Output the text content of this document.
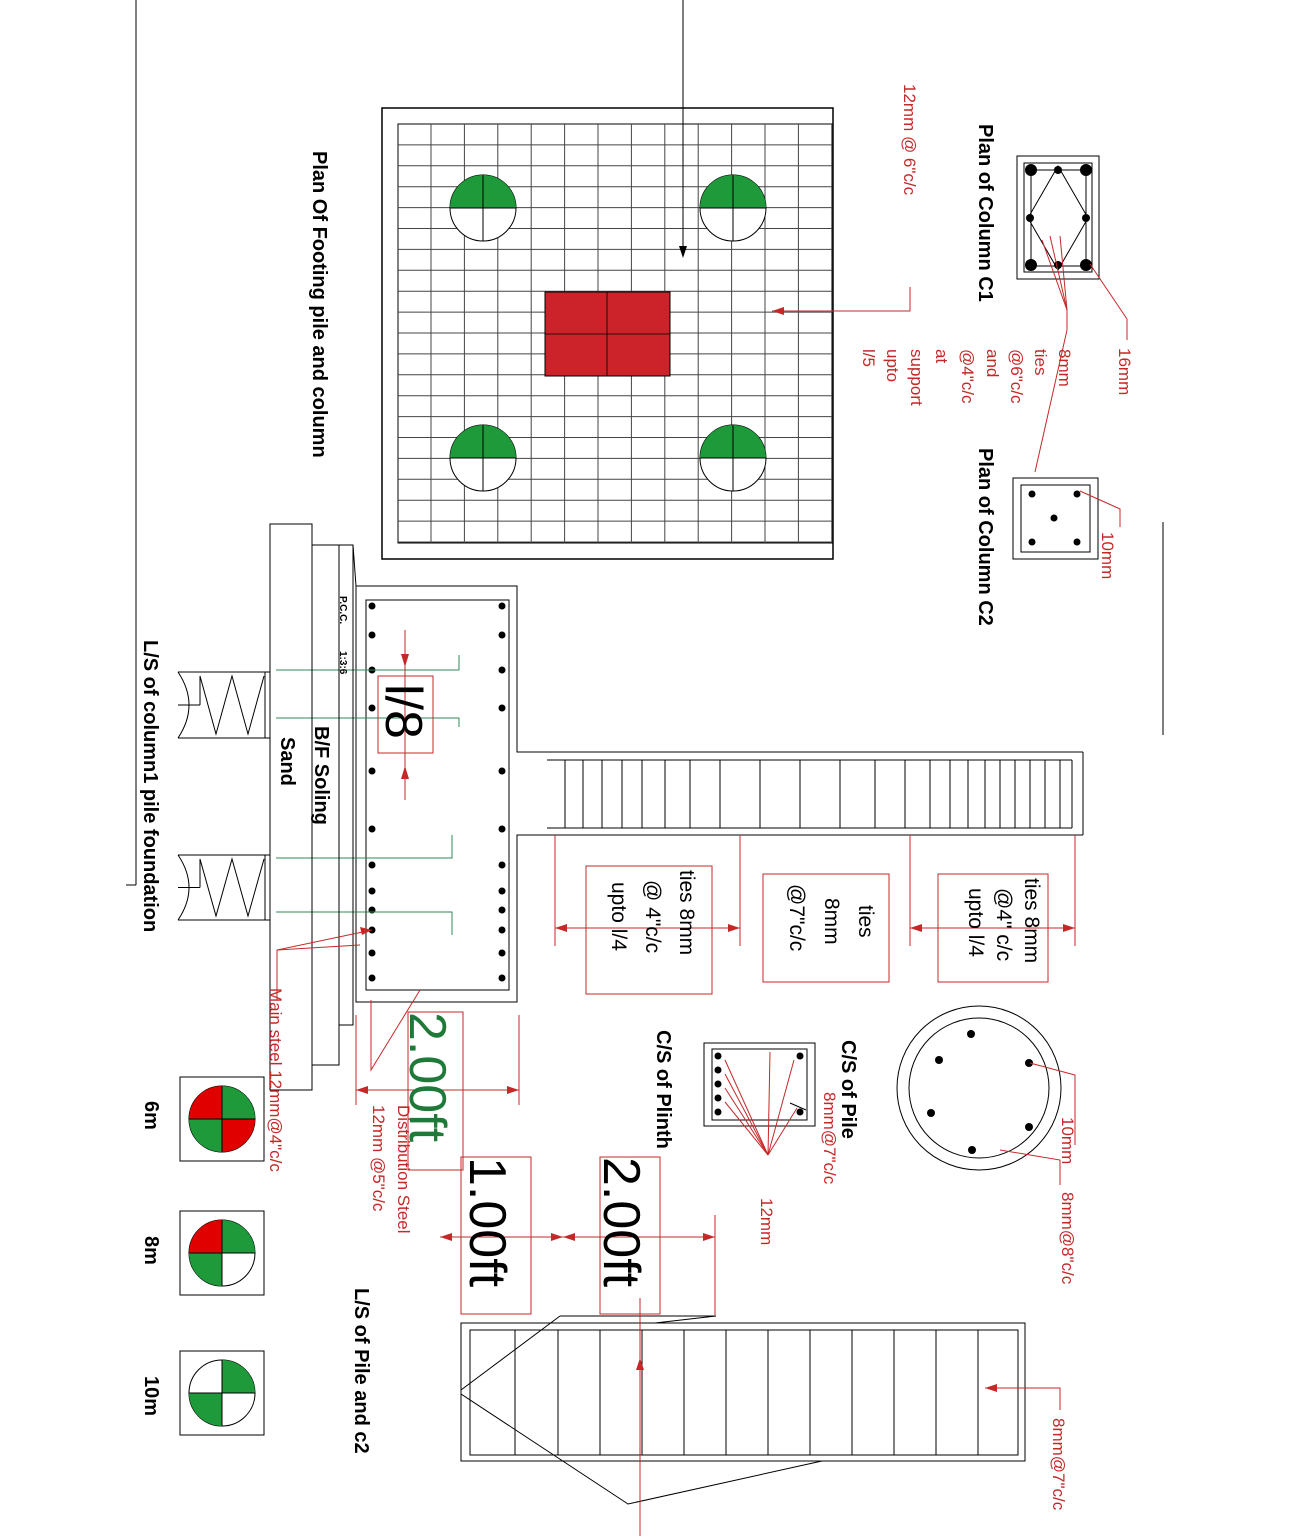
12mm @ 6"c/c
Plan Of Footing pile and column	Plan of Column C1
16mm
8mm
ties
@6"c/c
and
@4"c/c
at
support
upto
l/5
Plan of Column C2	10mm
L/S of column1 pile foundation
P.C.C.
1:3:6
B/F Soling
Sand
l/8
Main steel 12mm@4"c/c	Distribution Steel
12mm @5"c/c
ties 8mm
@4" c/c
upto l/4
ties
8mm
@7"c/c
ties 8mm
@ 4"c/c
upto l/4
10mm
8mm@8"c/c
C/S of Pile
8mm@7"c/c
12mm
C/S of Plinth
2.00ft
1.00ft 2.00ft
8mm@7"c/c
L/S of Pile and c2
6m
8m
10m
